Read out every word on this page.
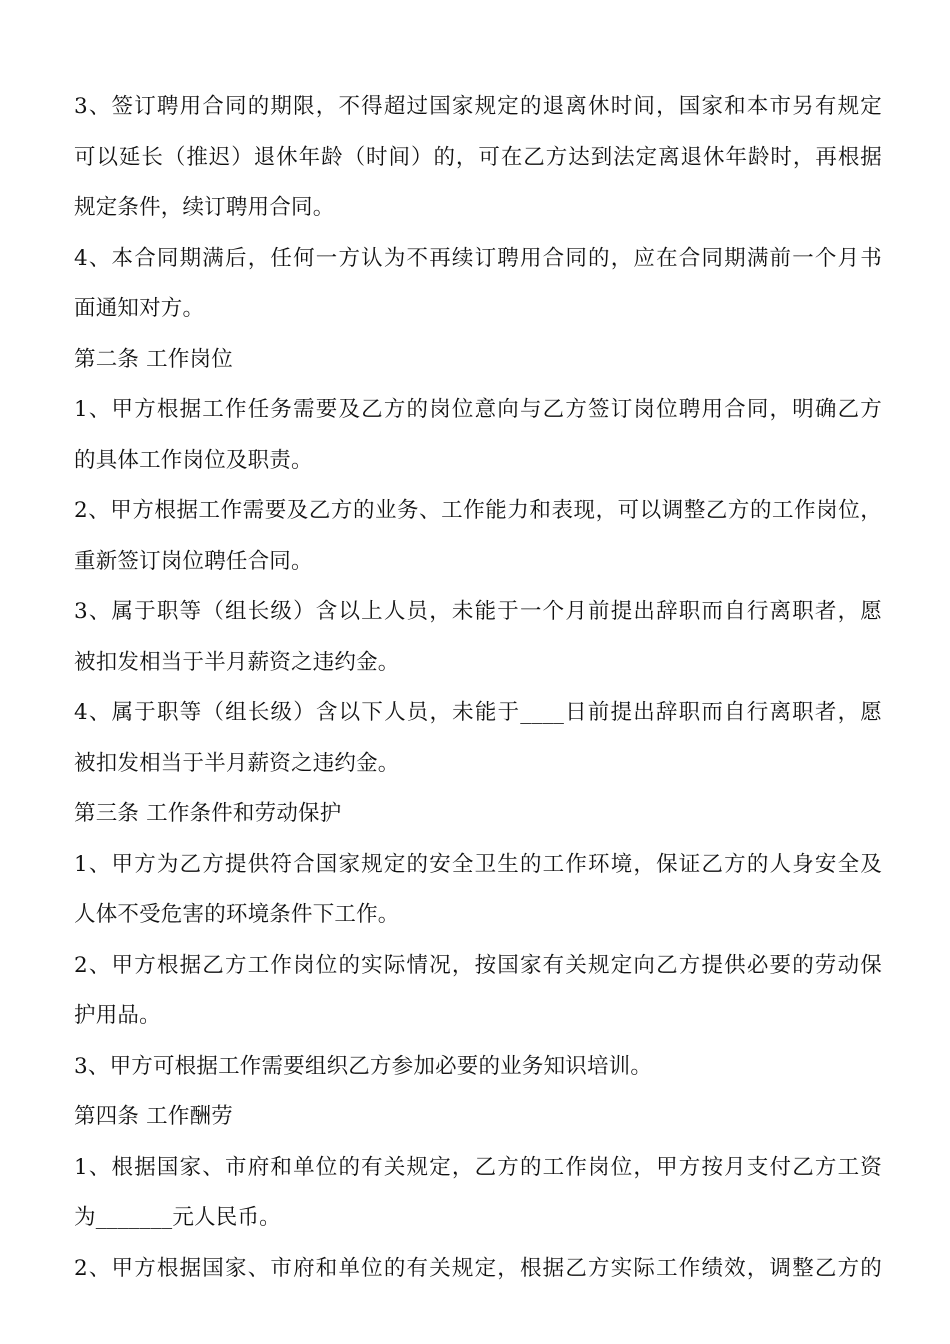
3、签订聘用合同的期限，不得超过国家规定的退离休时间，国家和本市另有规定
可以延长（推迟）退休年龄（时间）的，可在乙方达到法定离退休年龄时，再根据
规定条件，续订聘用合同。
4、本合同期满后，任何一方认为不再续订聘用合同的，应在合同期满前一个月书
面通知对方。
第二条 工作岗位
1、甲方根据工作任务需要及乙方的岗位意向与乙方签订岗位聘用合同，明确乙方
的具体工作岗位及职责。
2、甲方根据工作需要及乙方的业务、工作能力和表现，可以调整乙方的工作岗位，
重新签订岗位聘任合同。
3、属于职等（组长级）含以上人员，未能于一个月前提出辞职而自行离职者，愿
被扣发相当于半月薪资之违约金。
4、属于职等（组长级）含以下人员，未能于____日前提出辞职而自行离职者，愿
被扣发相当于半月薪资之违约金。
第三条 工作条件和劳动保护
1、甲方为乙方提供符合国家规定的安全卫生的工作环境，保证乙方的人身安全及
人体不受危害的环境条件下工作。
2、甲方根据乙方工作岗位的实际情况，按国家有关规定向乙方提供必要的劳动保
护用品。
3、甲方可根据工作需要组织乙方参加必要的业务知识培训。
第四条 工作酬劳
1、根据国家、市府和单位的有关规定，乙方的工作岗位，甲方按月支付乙方工资
为_______元人民币。
2、甲方根据国家、市府和单位的有关规定，根据乙方实际工作绩效，调整乙方的
